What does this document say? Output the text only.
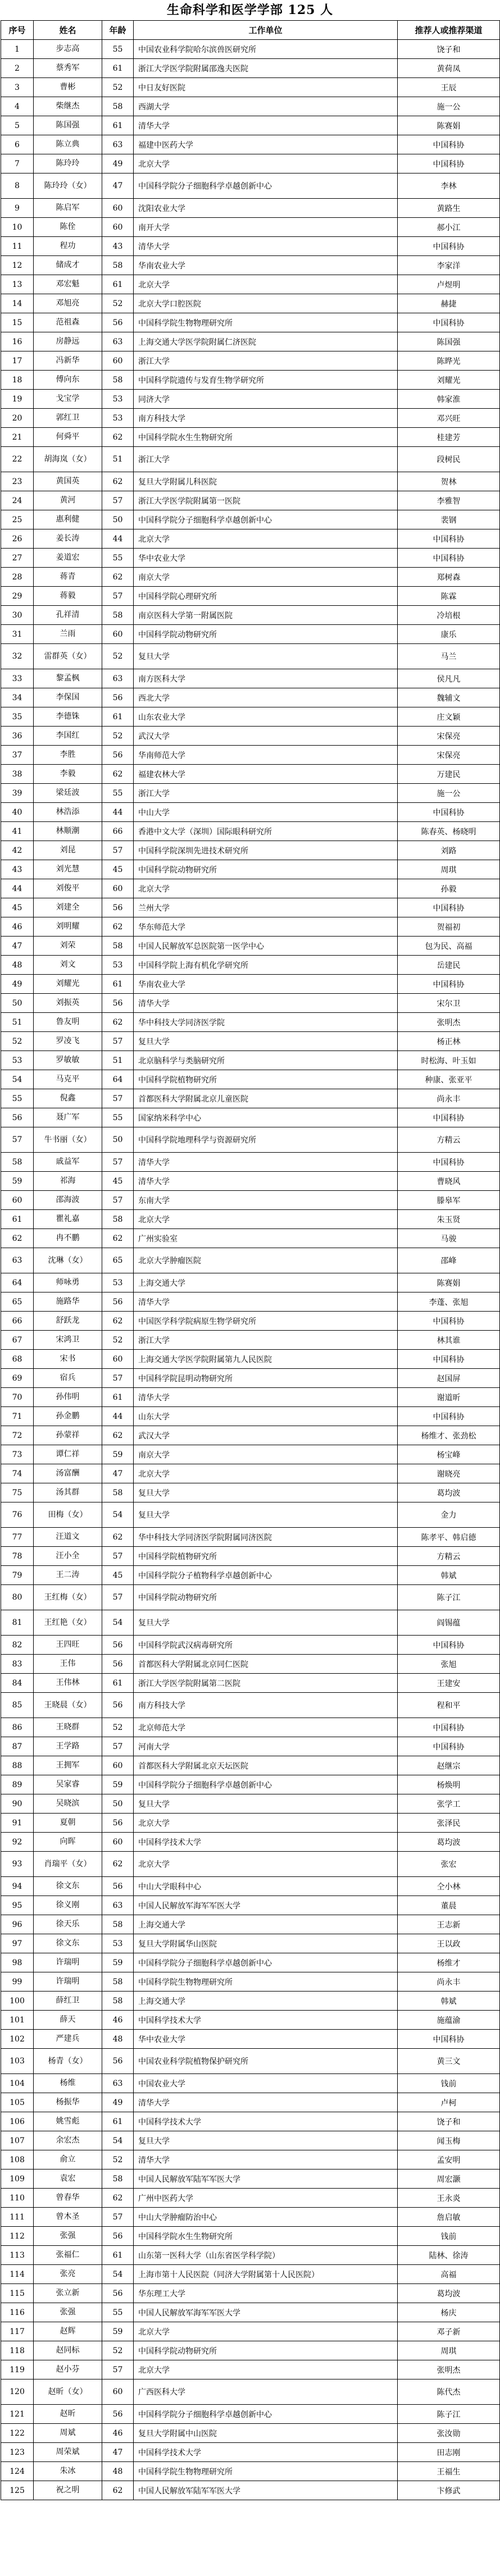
生命科学和医学学部 125 人
序号	姓名	年龄	工作单位	推荐人或推荐渠道
1	步志高	55	中国农业科学院哈尔滨兽医研究所	饶子和
2	蔡秀军	61	浙江大学医学院附属邵逸夫医院	黄荷凤
3	曹彬	52	中日友好医院	王辰
4	柴继杰	58	西湖大学	施一公
5	陈国强	61	清华大学	陈赛娟
6	陈立典	63	福建中医药大学	中国科协
7	陈玲玲	49	北京大学	中国科协
8	陈玲玲（女）	47	中国科学院分子细胞科学卓越创新中心	李林
9	陈启军	60	沈阳农业大学	黄路生
10	陈佺	60	南开大学	郝小江
11	程功	43	清华大学	中国科协
12	储成才	58	华南农业大学	李家洋
13	邓宏魁	61	北京大学	卢煜明
14	邓旭亮	52	北京大学口腔医院	赫捷
15	范祖森	56	中国科学院生物物理研究所	中国科协
16	房静远	63	上海交通大学医学院附属仁济医院	陈国强
17	冯新华	60	浙江大学	陈晔光
18	傅向东	58	中国科学院遗传与发育生物学研究所	刘耀光
19	戈宝学	53	同济大学	韩家淮
20	郭红卫	53	南方科技大学	邓兴旺
21	何舜平	62	中国科学院水生生物研究所	桂建芳
22	胡海岚（女）	51	浙江大学	段树民
23	黄国英	62	复旦大学附属儿科医院	贺林
24	黄河	57	浙江大学医学院附属第一医院	李雅智
25	惠利健	50	中国科学院分子细胞科学卓越创新中心	裴钢
26	姜长涛	44	北京大学	中国科协
27	姜道宏	55	华中农业大学	中国科协
28	蒋青	62	南京大学	郑树森
29	蒋毅	57	中国科学院心理研究所	陈霖
30	孔祥清	58	南京医科大学第一附属医院	冷培根
31	兰雨	60	中国科学院动物研究所	康乐
32	雷群英（女）	52	复旦大学	马兰
33	黎孟枫	63	南方医科大学	侯凡凡
34	李保国	56	西北大学	魏辅文
35	李德铢	61	山东农业大学	庄文颖
36	李国红	52	武汉大学	宋保亮
37	李胜	56	华南师范大学	宋保亮
38	李毅	62	福建农林大学	万建民
39	梁廷波	55	浙江大学	施一公
40	林浩添	44	中山大学	中国科协
41	林顺潮	66	香港中文大学（深圳）国际眼科研究所	陈春英、杨晓明
42	刘昆	57	中国科学院深圳先进技术研究所	刘路
43	刘光慧	45	中国科学院动物研究所	周琪
44	刘俊平	60	北京大学	孙毅
45	刘建全	56	兰州大学	中国科协
46	刘明耀	62	华东师范大学	贺福初
47	刘荣	58	中国人民解放军总医院第一医学中心	包为民、高福
48	刘文	53	中国科学院上海有机化学研究所	岳建民
49	刘耀光	61	华南农业大学	中国科协
50	刘振英	56	清华大学	宋尔卫
51	鲁友明	62	华中科技大学同济医学院	张明杰
52	罗凌飞	57	复旦大学	杨正林
53	罗敏敏	51	北京脑科学与类脑研究所	时松海、叶玉如
54	马克平	64	中国科学院植物研究所	种康、张亚平
55	倪鑫	57	首都医科大学附属北京儿童医院	尚永丰
56	聂广军	55	国家纳米科学中心	中国科协
57	牛书丽（女）	50	中国科学院地理科学与资源研究所	方精云
58	戚益军	57	清华大学	中国科协
59	祁海	45	清华大学	曹晓风
60	邵海波	57	东南大学	滕皋军
61	瞿礼嘉	58	北京大学	朱玉贤
62	冉不鹏	62	广州实验室	马骏
63	沈琳（女）	65	北京大学肿瘤医院	邵峰
64	师咏勇	53	上海交通大学	陈赛娟
65	施路华	56	清华大学	李蓬、张旭
66	舒跃龙	62	中国医学科学院病原生物学研究所	中国科协
67	宋鸿卫	52	浙江大学	林其谁
68	宋书	60	上海交通大学医学院附属第九人民医院	中国科协
69	宿兵	57	中国科学院昆明动物研究所	赵国屏
70	孙伟明	61	清华大学	谢道昕
71	孙金鹏	44	山东大学	中国科协
72	孙蒙祥	62	武汉大学	杨维才、张劲松
73	谭仁祥	59	南京大学	杨宝峰
74	汤富酬	47	北京大学	谢晓亮
75	汤其群	58	复旦大学	葛均波
76	田梅（女）	54	复旦大学	金力
77	汪道文	62	华中科技大学同济医学院附属同济医院	陈孝平、韩启德
78	汪小全	57	中国科学院植物研究所	方精云
79	王二涛	45	中国科学院分子植物科学卓越创新中心	韩斌
80	王红梅（女）	57	中国科学院动物研究所	陈子江
81	王红艳（女）	54	复旦大学	阎锡蕴
82	王四旺	56	中国科学院武汉病毒研究所	中国科协
83	王伟	56	首都医科大学附属北京同仁医院	张旭
84	王伟林	61	浙江大学医学院附属第二医院	王建安
85	王晓晨（女）	56	南方科技大学	程和平
86	王晓群	52	北京师范大学	中国科协
87	王学路	57	河南大学	中国科协
88	王拥军	60	首都医科大学附属北京天坛医院	赵继宗
89	吴家睿	59	中国科学院分子细胞科学卓越创新中心	杨焕明
90	吴晓滨	50	复旦大学	张学工
91	夏朝	56	北京大学	张泽民
92	向晖	60	中国科学技术大学	葛均波
93	肖瑞平（女）	62	北京大学	张宏
94	徐文东	56	中山大学眼科中心	仝小林
95	徐义刚	63	中国人民解放军海军军医大学	董晨
96	徐天乐	58	上海交通大学	王志新
97	徐文东	53	复旦大学附属华山医院	王以政
98	许瑞明	59	中国科学院分子细胞科学卓越创新中心	杨维才
99	许瑞明	58	中国科学院生物物理研究所	尚永丰
100	薛红卫	58	上海交通大学	韩斌
101	薛天	46	中国科学技术大学	施蕴渝
102	严建兵	48	华中农业大学	中国科协
103	杨青（女）	56	中国农业科学院植物保护研究所	黄三文
104	杨维	63	中国农业大学	钱前
105	杨振华	49	清华大学	卢柯
106	姚雪彪	61	中国科学技术大学	饶子和
107	余宏杰	54	复旦大学	闻玉梅
108	俞立	52	清华大学	孟安明
109	袁宏	58	中国人民解放军陆军军医大学	周宏灏
110	曾春华	62	广州中医药大学	王永炎
111	曾木圣	57	中山大学肿瘤防治中心	詹启敏
112	张强	56	中国科学院水生生物研究所	钱前
113	张福仁	61	山东第一医科大学（山东省医学科学院）	陆林、徐涛
114	张亮	54	上海市第十人民医院（同济大学附属第十人民医院）	高福
115	张立新	56	华东理工大学	葛均波
116	张强	55	中国人民解放军海军军医大学	杨庆
117	赵辉	59	北京大学	邓子新
118	赵同标	52	中国科学院动物研究所	周琪
119	赵小芬	57	北京大学	张明杰
120	赵昕（女）	60	广西医科大学	陈代杰
121	赵昕	56	中国科学院分子细胞科学卓越创新中心	陈子江
122	周斌	46	复旦大学附属中山医院	张汝勋
123	周荣斌	47	中国科学技术大学	田志刚
124	朱冰	48	中国科学院生物物理研究所	王福生
125	祝之明	62	中国人民解放军陆军军医大学	卞修武
